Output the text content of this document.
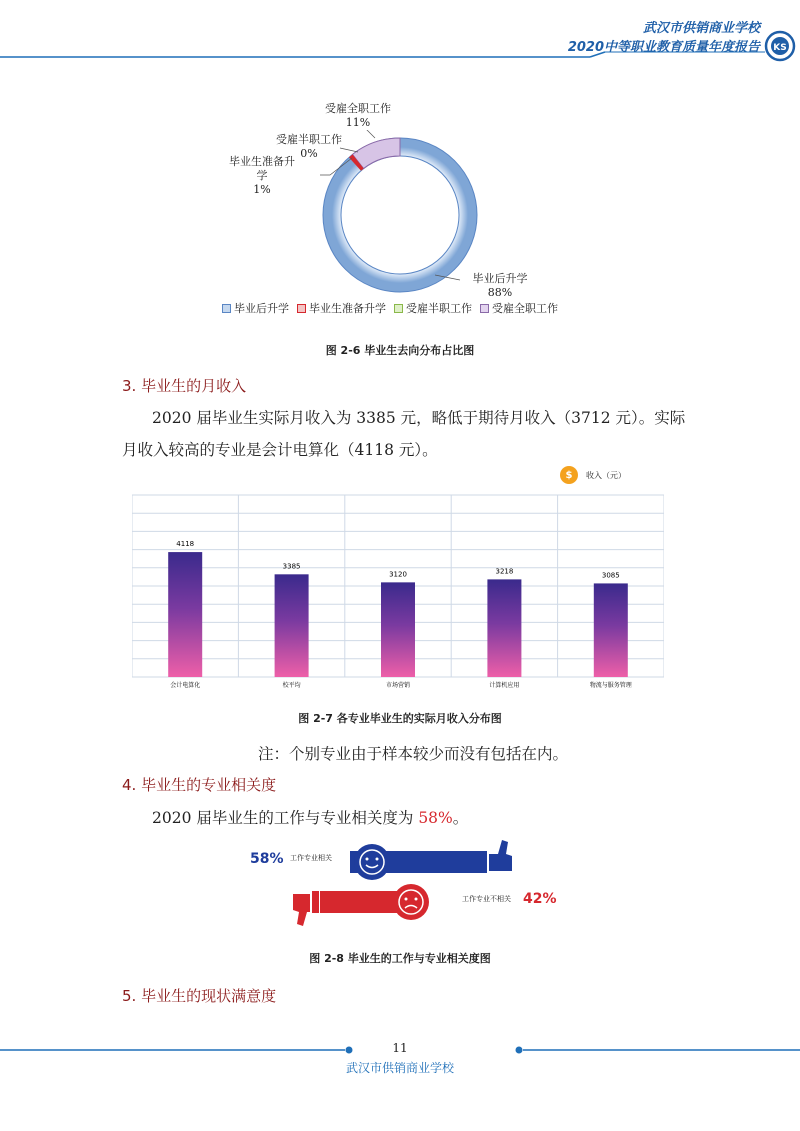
武汉市供销商业学校
2020中等职业教育质量年度报告 KS
受雇全职工作
11%
受雇半职工作
0%
毕业生准备升
学
1%
毕业后升学
88%
毕业后升学 毕业生准备升学 受雇半职工作 受雇全职工作
图 2-6 毕业生去向分布占比图
3. 毕业生的月收入
2020 届毕业生实际月收入为 3385 元，略低于期待月收入（3712 元）。实际
月收入较高的专业是会计电算化（4118 元）。
$	收入（元）
4118
会计电算化
3385
校平均
3120
市场营销
3218
计算机应用
3085
物流与服务管理
图 2-7 各专业毕业生的实际月收入分布图
注：个别专业由于样本较少而没有包括在内。
4. 毕业生的专业相关度
2020 届毕业生的工作与专业相关度为 58%。
58% 工作专业相关
工作专业不相关 42%
图 2-8 毕业生的工作与专业相关度图
5. 毕业生的现状满意度
11
武汉市供销商业学校
